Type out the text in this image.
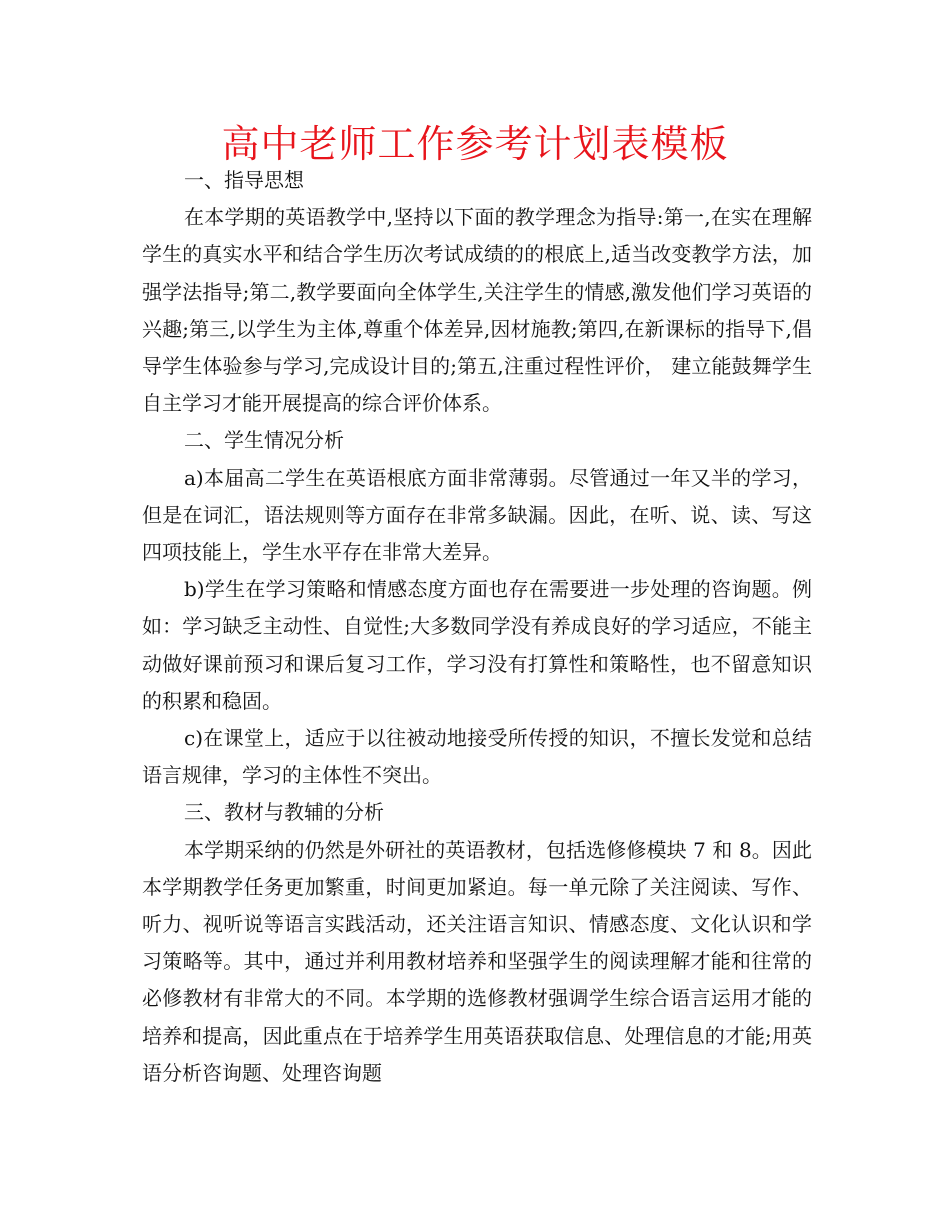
高中老师工作参考计划表模板

一、指导思想

在本学期的英语教学中,坚持以下面的教学理念为指导:第一,在实在理解学生的真实水平和结合学生历次考试成绩的的根底上,适当改变教学方法，加强学法指导;第二,教学要面向全体学生,关注学生的情感,激发他们学习英语的兴趣;第三,以学生为主体,尊重个体差异,因材施教;第四,在新课标的指导下,倡导学生体验参与学习,完成设计目的;第五,注重过程性评价， 建立能鼓舞学生自主学习才能开展提高的综合评价体系。

二、学生情况分析

a)本届高二学生在英语根底方面非常薄弱。尽管通过一年又半的学习，但是在词汇，语法规则等方面存在非常多缺漏。因此，在听、说、读、写这四项技能上，学生水平存在非常大差异。

b)学生在学习策略和情感态度方面也存在需要进一步处理的咨询题。例如：学习缺乏主动性、自觉性;大多数同学没有养成良好的学习适应，不能主动做好课前预习和课后复习工作，学习没有打算性和策略性，也不留意知识的积累和稳固。

c)在课堂上，适应于以往被动地接受所传授的知识，不擅长发觉和总结语言规律，学习的主体性不突出。

三、教材与教辅的分析

本学期采纳的仍然是外研社的英语教材，包括选修修模块 7 和 8。因此本学期教学任务更加繁重，时间更加紧迫。每一单元除了关注阅读、写作、听力、视听说等语言实践活动，还关注语言知识、情感态度、文化认识和学习策略等。其中，通过并利用教材培养和坚强学生的阅读理解才能和往常的必修教材有非常大的不同。本学期的选修教材强调学生综合语言运用才能的培养和提高，因此重点在于培养学生用英语获取信息、处理信息的才能;用英语分析咨询题、处理咨询题
